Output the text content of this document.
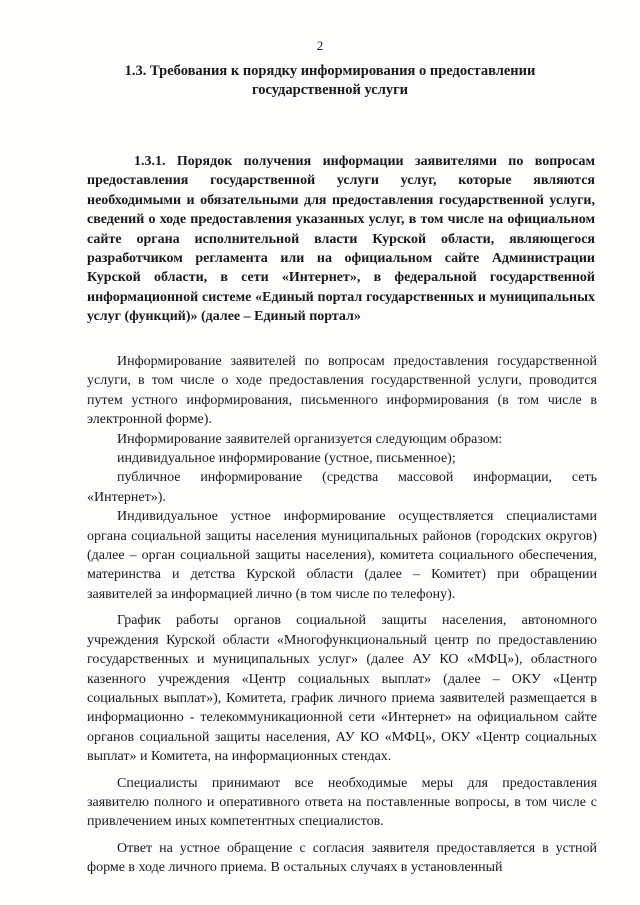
2
1.3. Требования к порядку информирования о предоставлении
государственной услуги
1.3.1. Порядок получения информации заявителями по вопросам предоставления государственной услуги услуг, которые являются необходимыми и обязательными для предоставления государственной услуги, сведений о ходе предоставления указанных услуг, в том числе на официальном сайте органа исполнительной власти Курской области, являющегося разработчиком регламента или на официальном сайте Администрации Курской области, в сети «Интернет», в федеральной государственной информационной системе «Единый портал государственных и муниципальных услуг (функций)» (далее – Единый портал»

Информирование заявителей по вопросам предоставления государственной услуги, в том числе о ходе предоставления государственной услуги, проводится путем устного информирования, письменного информирования (в том числе в электронной форме).

Информирование заявителей организуется следующим образом:

индивидуальное информирование (устное, письменное);

публичное информирование (средства массовой информации, сеть «Интернет»).

Индивидуальное устное информирование осуществляется специалистами органа социальной защиты населения муниципальных районов (городских округов) (далее – орган социальной защиты населения), комитета социального обеспечения, материнства и детства Курской области (далее – Комитет) при обращении заявителей за информацией лично (в том числе по телефону).

График работы органов социальной защиты населения, автономного учреждения Курской области «Многофункциональный центр по предоставлению государственных и муниципальных услуг» (далее АУ КО «МФЦ»), областного казенного учреждения «Центр социальных выплат» (далее – ОКУ «Центр социальных выплат»), Комитета, график личного приема заявителей размещается в информационно - телекоммуникационной сети «Интернет» на официальном сайте органов социальной защиты населения, АУ КО «МФЦ», ОКУ «Центр социальных выплат» и Комитета, на информационных стендах.

Специалисты принимают все необходимые меры для предоставления заявителю полного и оперативного ответа на поставленные вопросы, в том числе с привлечением иных компетентных специалистов.

Ответ на устное обращение с согласия заявителя предоставляется в устной форме в ходе личного приема. В остальных случаях в установленный
